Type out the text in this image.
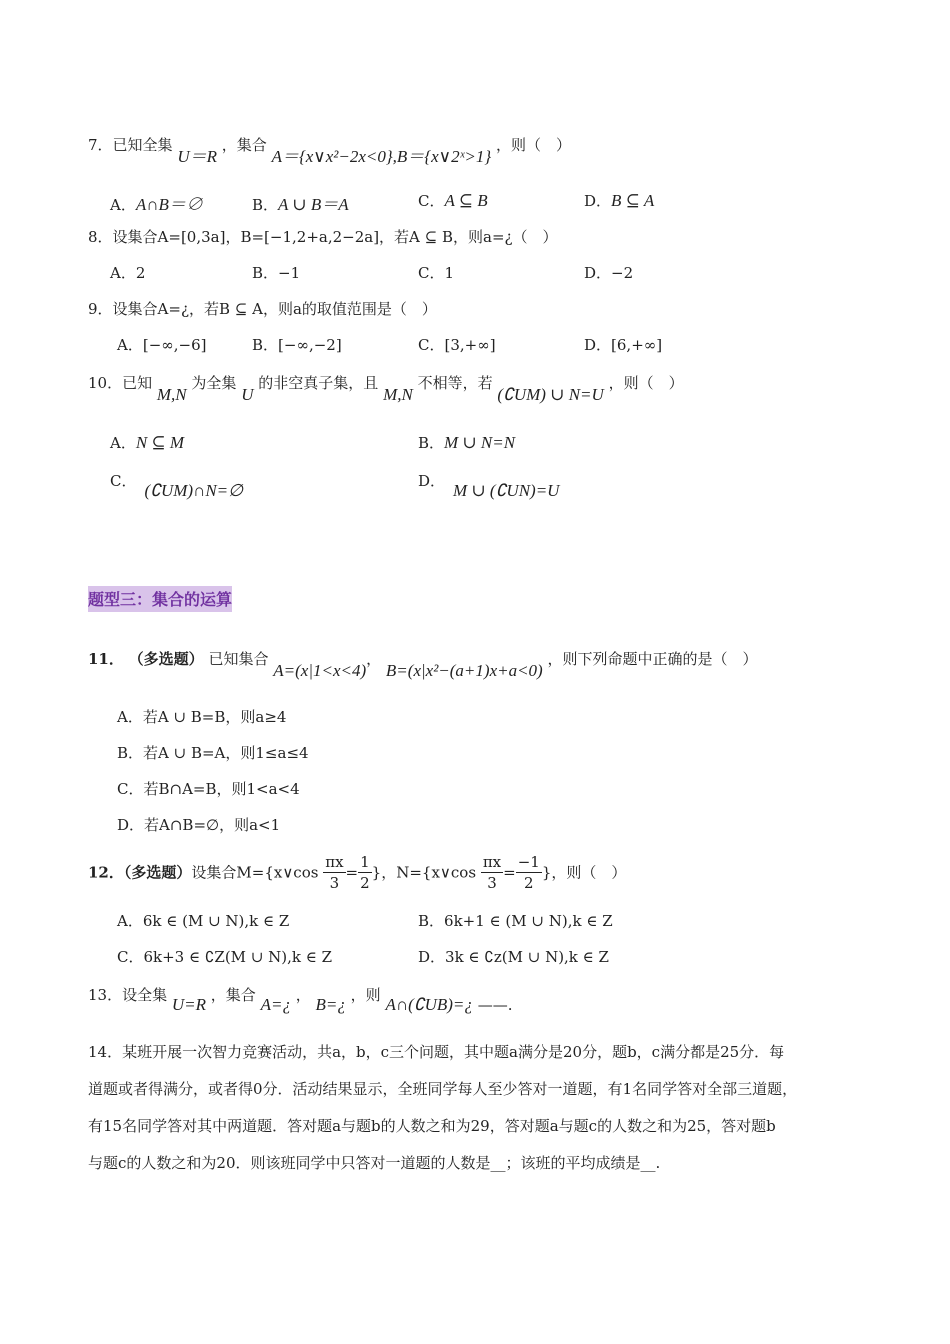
7．已知全集 U＝R ，集合 A＝{x∨x²−2x<0},B＝{x∨2ˣ>1} ，则（　）
A．A∩B＝∅	B．A ∪ B＝A	C．A ⊆ B	D．B ⊆ A
8．设集合A=[0,3a]，B=[−1,2+a,2−2a]，若A ⊆ B，则a=¿（　）
A．2	B．−1	C．1	D．−2
9．设集合A=¿，若B ⊆ A，则a的取值范围是（　）
A．[−∞,−6]	B．[−∞,−2]	C．[3,+∞]	D．[6,+∞]
10．已知 M,N 为全集 U 的非空真子集，且 M,N 不相等，若 (∁UM) ∪ N=U ，则（　）
A．N ⊆ M	B．M ∪ N=N
C． (∁UM)∩N=∅	D． M ∪ (∁UN)=U
题型三：集合的运算
11． （多选题） 已知集合 A=(x|1<x<4)， B=(x|x²−(a+1)x+a<0) ，则下列命题中正确的是（　）
A．若A ∪ B=B，则a≥4
B．若A ∪ B=A，则1≤a≤4
C．若B∩A=B，则1<a<4
D．若A∩B=∅，则a<1
12．（多选题）设集合M={x∨cos $\frac{\pi x}{3} = \frac{1}{2}$ }，N={x∨cos $\frac{\pi x}{3} = \frac{-1}{2}$ }，则（　）
A．6k ∈ (M ∪ N),k ∈ Z	B．6k+1 ∈ (M ∪ N),k ∈ Z
C．6k+3 ∈ ∁Z(M ∪ N),k ∈ Z	D．3k ∈ ∁z(M ∪ N),k ∈ Z
13．设全集 U=R ，集合 A=¿ ， B=¿ ，则 A∩(∁UB)=¿ ——.
14．某班开展一次智力竞赛活动，共a，b，c三个问题，其中题a满分是20分，题b，c满分都是25分．每
道题或者得满分，或者得0分．活动结果显示，全班同学每人至少答对一道题，有1名同学答对全部三道题，
有15名同学答对其中两道题．答对题a与题b的人数之和为29，答对题a与题c的人数之和为25，答对题b
与题c的人数之和为20．则该班同学中只答对一道题的人数是__；该班的平均成绩是__.
